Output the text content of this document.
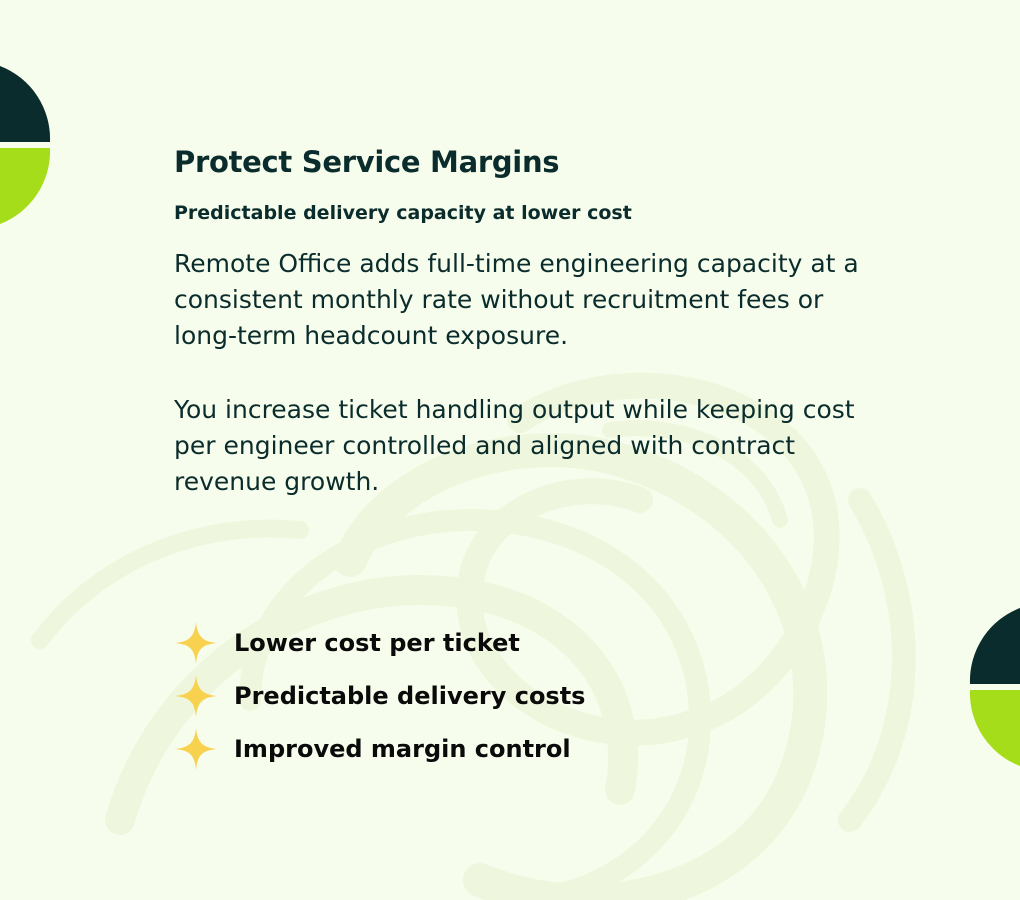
Protect Service Margins
Predictable delivery capacity at lower cost

Remote Office adds full-time engineering capacity at a consistent monthly rate without recruitment fees or long-term headcount exposure.

You increase ticket handling output while keeping cost per engineer controlled and aligned with contract revenue growth.

Lower cost per ticket
Predictable delivery costs
Improved margin control
